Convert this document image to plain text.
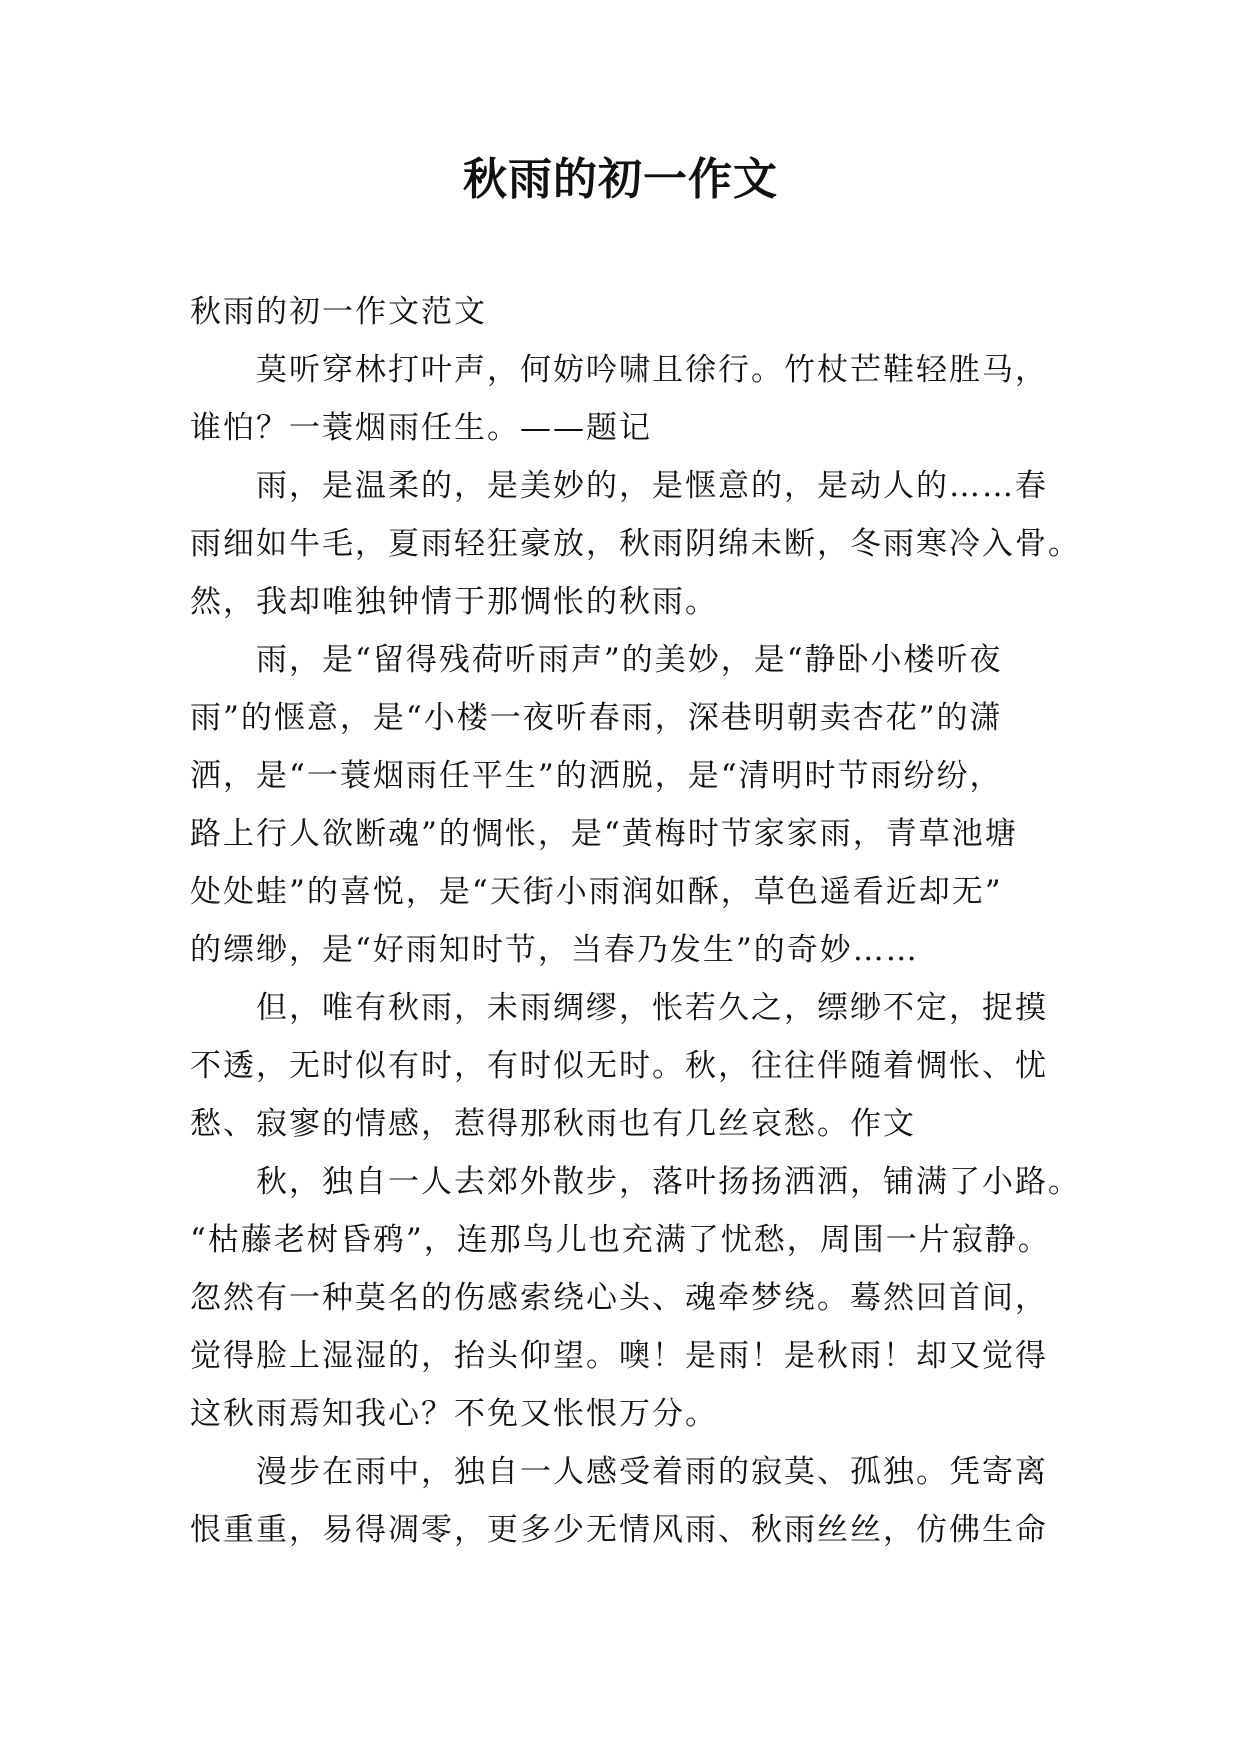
秋雨的初一作文
秋雨的初一作文范文
莫听穿林打叶声，何妨吟啸且徐行。竹杖芒鞋轻胜马，
谁怕？一蓑烟雨任生。——题记
雨，是温柔的，是美妙的，是惬意的，是动人的……春
雨细如牛毛，夏雨轻狂豪放，秋雨阴绵未断，冬雨寒冷入骨。
然，我却唯独钟情于那惆怅的秋雨。
雨，是“留得残荷听雨声”的美妙，是“静卧小楼听夜
雨”的惬意，是“小楼一夜听春雨，深巷明朝卖杏花”的潇
洒，是“一蓑烟雨任平生”的洒脱，是“清明时节雨纷纷，
路上行人欲断魂”的惆怅，是“黄梅时节家家雨，青草池塘
处处蛙”的喜悦，是“天街小雨润如酥，草色遥看近却无”
的缥缈，是“好雨知时节，当春乃发生”的奇妙……
但，唯有秋雨，未雨绸缪，怅若久之，缥缈不定，捉摸
不透，无时似有时，有时似无时。秋，往往伴随着惆怅、忧
愁、寂寥的情感，惹得那秋雨也有几丝哀愁。作文
秋，独自一人去郊外散步，落叶扬扬洒洒，铺满了小路。
“枯藤老树昏鸦”，连那鸟儿也充满了忧愁，周围一片寂静。
忽然有一种莫名的伤感索绕心头、魂牵梦绕。蓦然回首间，
觉得脸上湿湿的，抬头仰望。噢！是雨！是秋雨！却又觉得
这秋雨焉知我心？不免又怅恨万分。
漫步在雨中，独自一人感受着雨的寂莫、孤独。凭寄离
恨重重，易得凋零，更多少无情风雨、秋雨丝丝，仿佛生命
